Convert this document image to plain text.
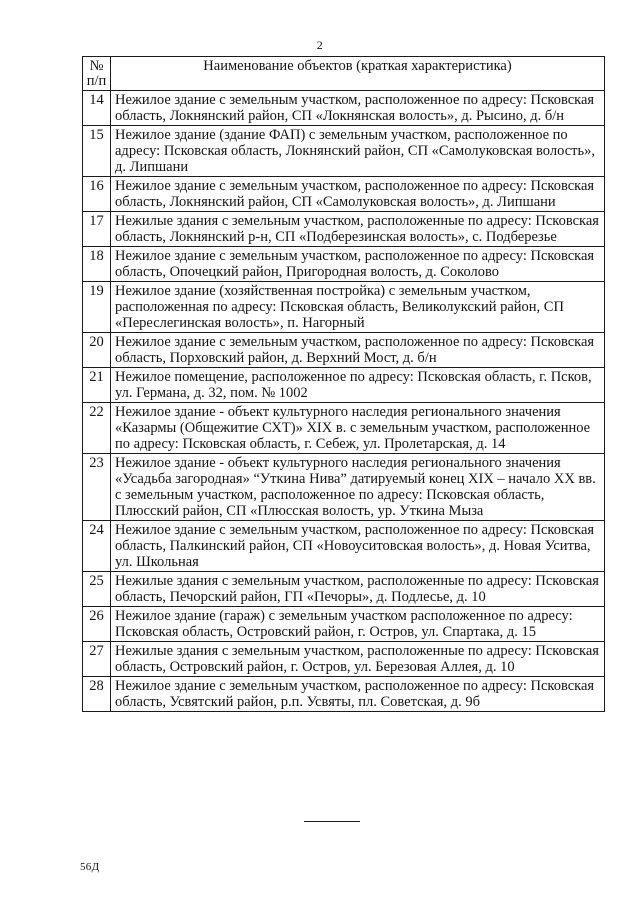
2
№
п/п	Наименование объектов (краткая характеристика)
14	Нежилое здание с земельным участком, расположенное по адресу: Псковская область, Локнянский район, СП «Локнянская волость», д. Рысино, д. б/н
15	Нежилое здание (здание ФАП) с земельным участком, расположенное по адресу: Псковская область, Локнянский район, СП «Самолуковская волость», д. Липшани
16	Нежилое здание с земельным участком, расположенное по адресу: Псковская область, Локнянский район, СП «Самолуковская волость», д. Липшани
17	Нежилые здания с земельным участком, расположенные по адресу: Псковская область, Локнянский р-н, СП «Подберезинская волость», с. Подберезье
18	Нежилое здание с земельным участком, расположенное по адресу: Псковская область, Опочецкий район, Пригородная волость, д. Соколово
19	Нежилое здание (хозяйственная постройка) с земельным участком, расположенная по адресу: Псковская область, Великолукский район, СП «Переслегинская волость», п. Нагорный
20	Нежилое здание с земельным участком, расположенное по адресу: Псковская область, Порховский район, д. Верхний Мост, д. б/н
21	Нежилое помещение, расположенное по адресу: Псковская область, г. Псков, ул. Германа, д. 32, пом. № 1002
22	Нежилое здание - объект культурного наследия регионального значения «Казармы (Общежитие СХТ)» XIX в. с земельным участком, расположенное по адресу: Псковская область, г. Себеж, ул. Пролетарская, д. 14
23	Нежилое здание - объект культурного наследия регионального значения «Усадьба загородная» “Уткина Нива” датируемый конец XIX – начало XX вв. с земельным участком, расположенное по адресу: Псковская область, Плюсский район, СП «Плюсская волость, ур. Уткина Мыза
24	Нежилое здание с земельным участком, расположенное по адресу: Псковская область, Палкинский район, СП «Новоуситовская волость», д. Новая Уситва, ул. Школьная
25	Нежилые здания с земельным участком, расположенные по адресу: Псковская область, Печорский район, ГП «Печоры», д. Подлесье, д. 10
26	Нежилое здание (гараж) с земельным участком расположенное по адресу: Псковская область, Островский район, г. Остров, ул. Спартака, д. 15
27	Нежилые здания с земельным участком, расположенные по адресу: Псковская область, Островский район, г. Остров, ул. Березовая Аллея, д. 10
28	Нежилое здание с земельным участком, расположенное по адресу: Псковская область, Усвятский район, р.п. Усвяты, пл. Советская, д. 9б
56Д
